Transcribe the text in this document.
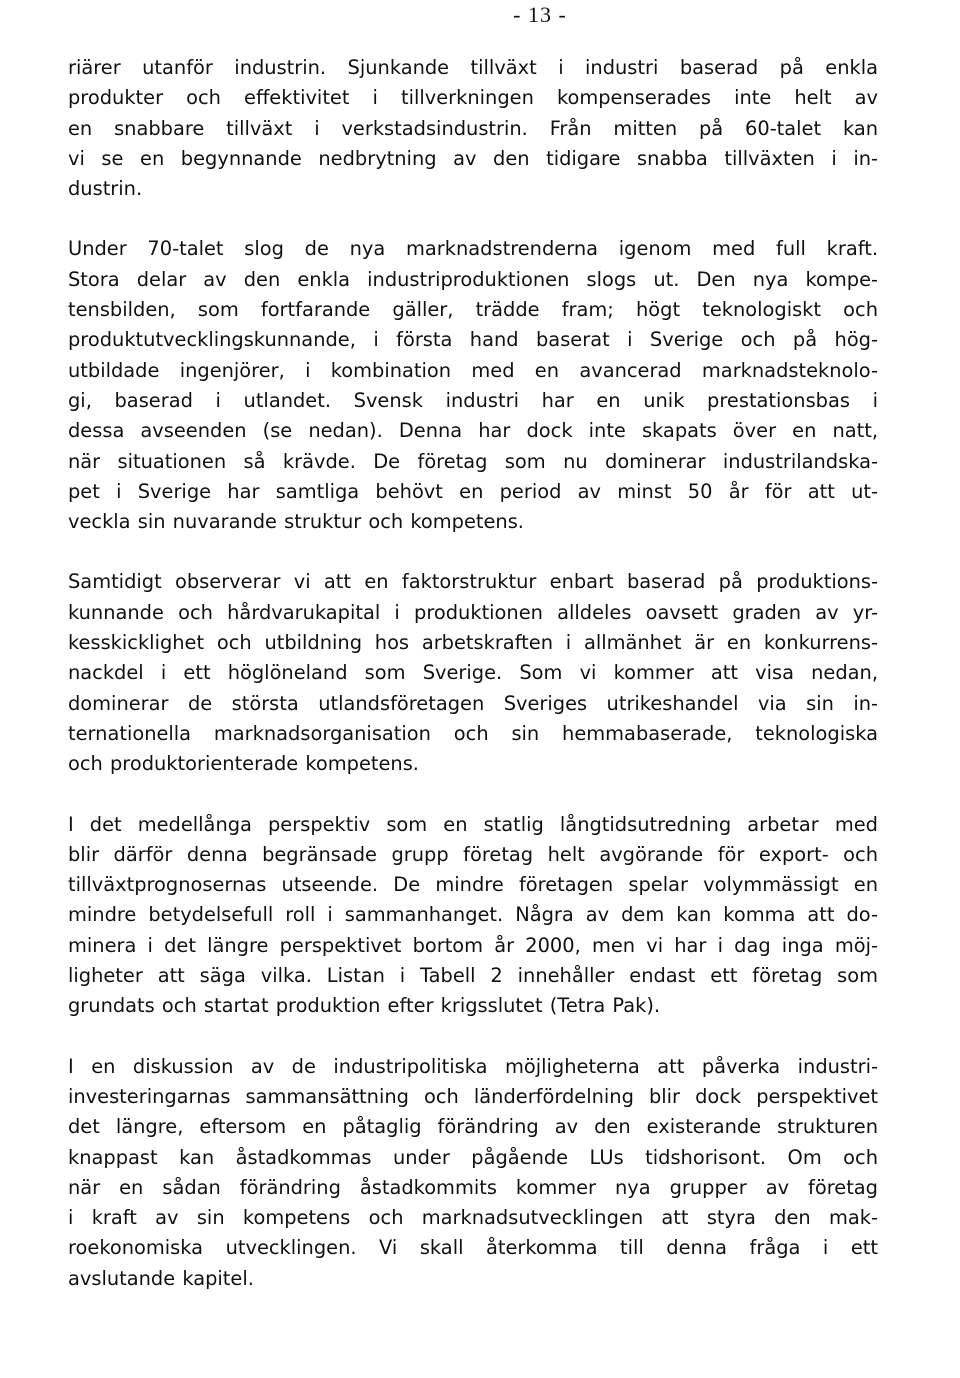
- 13 -

riärer utanför industrin. Sjunkande tillväxt i industri baserad på enkla
produkter och effektivitet i tillverkningen kompenserades inte helt av
en snabbare tillväxt i verkstadsindustrin. Från mitten på 60-talet kan
vi se en begynnande nedbrytning av den tidigare snabba tillväxten i in-
dustrin.

Under 70-talet slog de nya marknadstrenderna igenom med full kraft.
Stora delar av den enkla industriproduktionen slogs ut. Den nya kompe-
tensbilden, som fortfarande gäller, trädde fram; högt teknologiskt och
produktutvecklingskunnande, i första hand baserat i Sverige och på hög-
utbildade ingenjörer, i kombination med en avancerad marknadsteknolo-
gi, baserad i utlandet. Svensk industri har en unik prestationsbas i
dessa avseenden (se nedan). Denna har dock inte skapats över en natt,
när situationen så krävde. De företag som nu dominerar industrilandska-
pet i Sverige har samtliga behövt en period av minst 50 år för att ut-
veckla sin nuvarande struktur och kompetens.

Samtidigt observerar vi att en faktorstruktur enbart baserad på produktions-
kunnande och hårdvarukapital i produktionen alldeles oavsett graden av yr-
kesskicklighet och utbildning hos arbetskraften i allmänhet är en konkurrens-
nackdel i ett höglöneland som Sverige. Som vi kommer att visa nedan,
dominerar de största utlandsföretagen Sveriges utrikeshandel via sin in-
ternationella marknadsorganisation och sin hemmabaserade, teknologiska
och produktorienterade kompetens.

I det medellånga perspektiv som en statlig långtidsutredning arbetar med
blir därför denna begränsade grupp företag helt avgörande för export- och
tillväxtprognosernas utseende. De mindre företagen spelar volymmässigt en
mindre betydelsefull roll i sammanhanget. Några av dem kan komma att do-
minera i det längre perspektivet bortom år 2000, men vi har i dag inga möj-
ligheter att säga vilka. Listan i Tabell 2 innehåller endast ett företag som
grundats och startat produktion efter krigsslutet (Tetra Pak).

I en diskussion av de industripolitiska möjligheterna att påverka industri-
investeringarnas sammansättning och länderfördelning blir dock perspektivet
det längre, eftersom en påtaglig förändring av den existerande strukturen
knappast kan åstadkommas under pågående LUs tidshorisont. Om och
när en sådan förändring åstadkommits kommer nya grupper av företag
i kraft av sin kompetens och marknadsutvecklingen att styra den mak-
roekonomiska utvecklingen. Vi skall återkomma till denna fråga i ett
avslutande kapitel.
